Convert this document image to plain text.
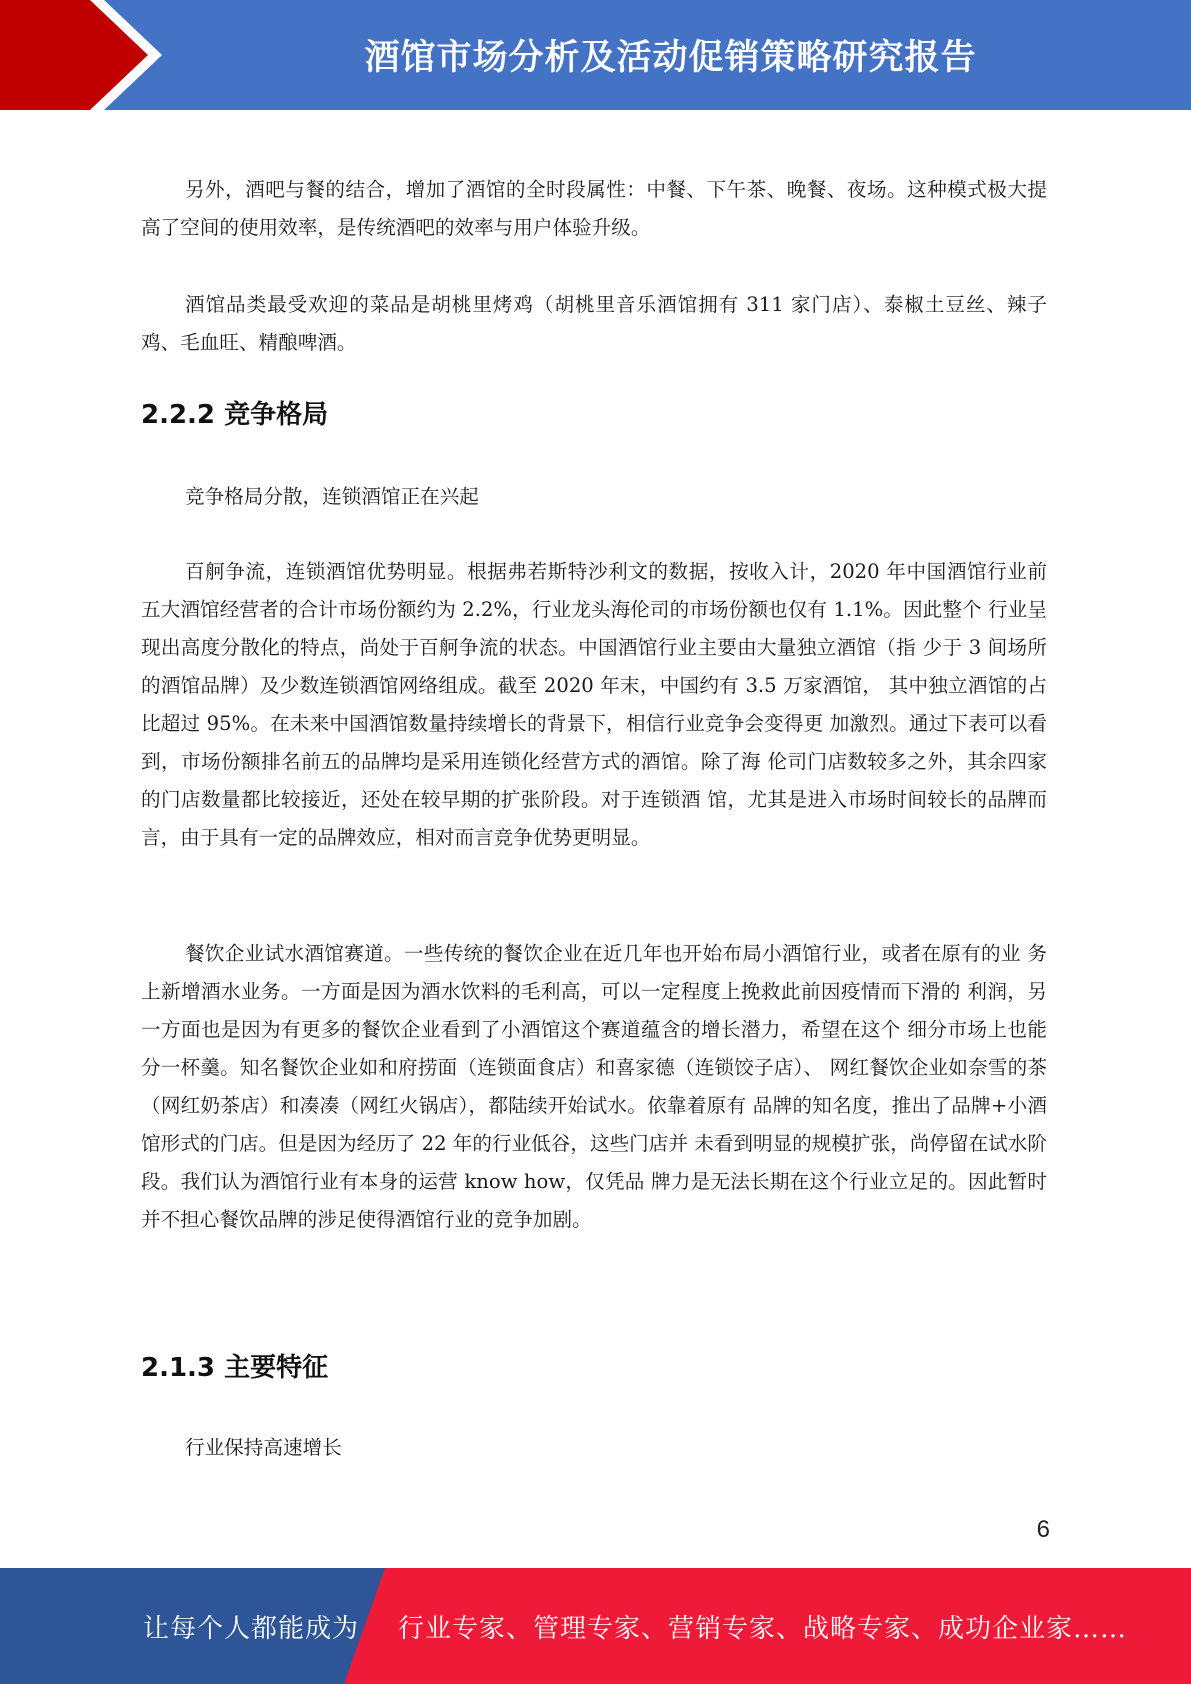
酒馆市场分析及活动促销策略研究报告

另外，酒吧与餐的结合，增加了酒馆的全时段属性：中餐、下午茶、晚餐、夜场。这种模式极大提高了空间的使用效率，是传统酒吧的效率与用户体验升级。

酒馆品类最受欢迎的菜品是胡桃里烤鸡（胡桃里音乐酒馆拥有 311 家门店）、泰椒土豆丝、辣子鸡、毛血旺、精酿啤酒。

2.2.2 竞争格局

竞争格局分散，连锁酒馆正在兴起

百舸争流，连锁酒馆优势明显。根据弗若斯特沙利文的数据，按收入计，2020 年中国酒馆行业前 五大酒馆经营者的合计市场份额约为 2.2%，行业龙头海伦司的市场份额也仅有 1.1%。因此整个 行业呈现出高度分散化的特点，尚处于百舸争流的状态。中国酒馆行业主要由大量独立酒馆（指 少于 3 间场所的酒馆品牌）及少数连锁酒馆网络组成。截至 2020 年末，中国约有 3.5 万家酒馆， 其中独立酒馆的占比超过 95%。在未来中国酒馆数量持续增长的背景下，相信行业竞争会变得更 加激烈。通过下表可以看到，市场份额排名前五的品牌均是采用连锁化经营方式的酒馆。除了海 伦司门店数较多之外，其余四家的门店数量都比较接近，还处在较早期的扩张阶段。对于连锁酒 馆，尤其是进入市场时间较长的品牌而言，由于具有一定的品牌效应，相对而言竞争优势更明显。

餐饮企业试水酒馆赛道。一些传统的餐饮企业在近几年也开始布局小酒馆行业，或者在原有的业 务上新增酒水业务。一方面是因为酒水饮料的毛利高，可以一定程度上挽救此前因疫情而下滑的 利润，另一方面也是因为有更多的餐饮企业看到了小酒馆这个赛道蕴含的增长潜力，希望在这个 细分市场上也能分一杯羹。知名餐饮企业如和府捞面（连锁面食店）和喜家德（连锁饺子店）、 网红餐饮企业如奈雪的茶（网红奶茶店）和凑凑（网红火锅店），都陆续开始试水。依靠着原有 品牌的知名度，推出了品牌+小酒馆形式的门店。但是因为经历了 22 年的行业低谷，这些门店并 未看到明显的规模扩张，尚停留在试水阶段。我们认为酒馆行业有本身的运营 know how，仅凭品 牌力是无法长期在这个行业立足的。因此暂时并不担心餐饮品牌的涉足使得酒馆行业的竞争加剧。

2.1.3 主要特征

行业保持高速增长

6
让每个人都能成为 行业专家、管理专家、营销专家、战略专家、成功企业家……
